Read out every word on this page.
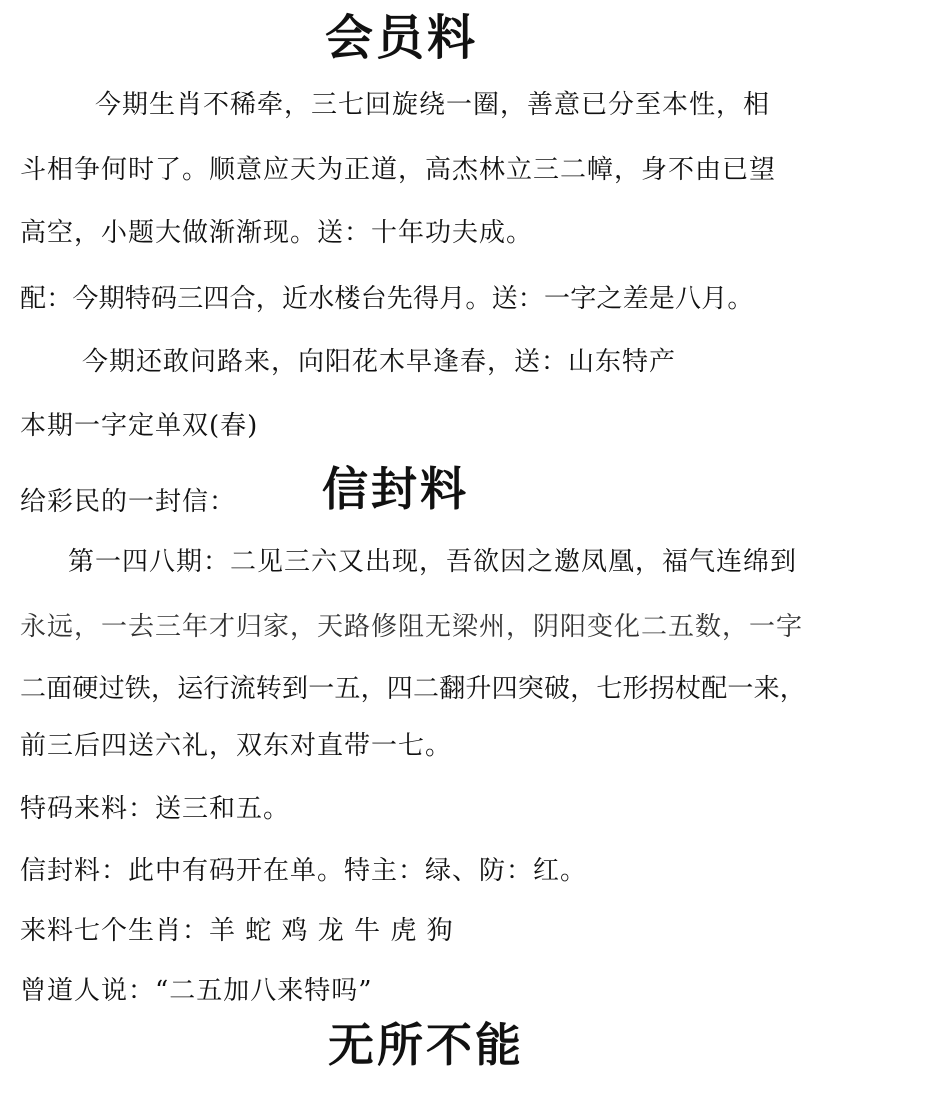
会员料
今期生肖不稀牵，三七回旋绕一圈，善意已分至本性，相
斗相争何时了。顺意应天为正道，高杰林立三二幛，身不由已望
高空，小题大做渐渐现。送：十年功夫成。
配：今期特码三四合，近水楼台先得月。送：一字之差是八月。
今期还敢问路来，向阳花木早逢春，送：山东特产
本期一字定单双(春)
给彩民的一封信： 信封料
第一四八期：二见三六又出现，吾欲因之邀凤凰，福气连绵到
永远，一去三年才归家，天路修阻无梁州，阴阳变化二五数，一字
二面硬过铁，运行流转到一五，四二翻升四突破，七形拐杖配一来，
前三后四送六礼，双东对直带一七。
特码来料：送三和五。
信封料：此中有码开在单。特主：绿、防：红。
来料七个生肖：羊 蛇 鸡 龙 牛 虎 狗
曾道人说：“二五加八来特吗”
无所不能
